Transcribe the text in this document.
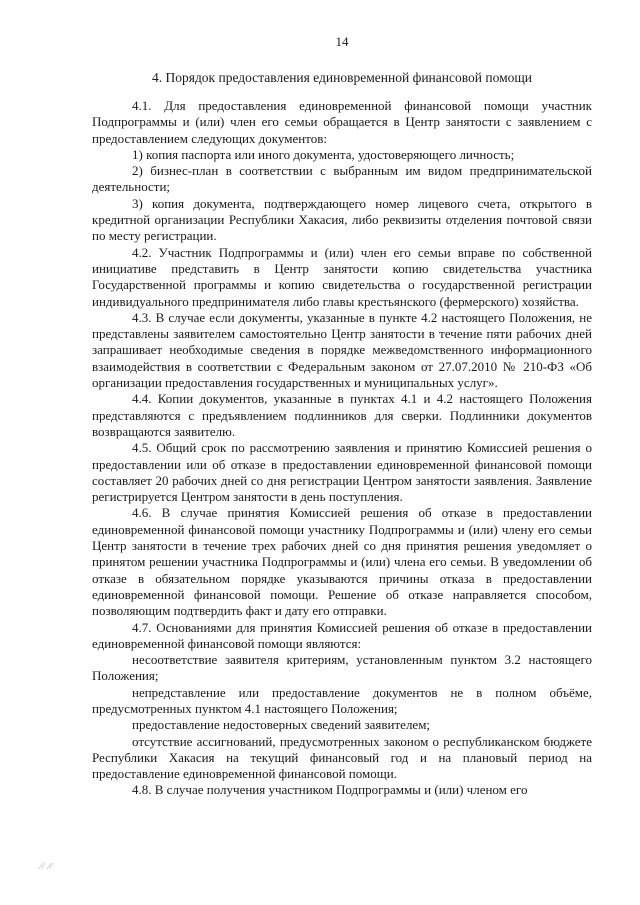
14
4. Порядок предоставления единовременной финансовой помощи

4.1. Для предоставления единовременной финансовой помощи участник Подпрограммы и (или) член его семьи обращается в Центр занятости с заявлением с предоставлением следующих документов:

1) копия паспорта или иного документа, удостоверяющего личность;

2) бизнес-план в соответствии с выбранным им видом предпринимательской деятельности;

3) копия документа, подтверждающего номер лицевого счета, открытого в кредитной организации Республики Хакасия, либо реквизиты отделения почтовой связи по месту регистрации.

4.2. Участник Подпрограммы и (или) член его семьи вправе по собственной инициативе представить в Центр занятости копию свидетельства участника Государственной программы и копию свидетельства о государственной регистрации индивидуального предпринимателя либо главы крестьянского (фермерского) хозяйства.

4.3. В случае если документы, указанные в пункте 4.2 настоящего Положения, не представлены заявителем самостоятельно Центр занятости в течение пяти рабочих дней запрашивает необходимые сведения в порядке межведомственного информационного взаимодействия в соответствии с Федеральным законом от 27.07.2010 № 210-ФЗ «Об организации предоставления государственных и муниципальных услуг».

4.4. Копии документов, указанные в пунктах 4.1 и 4.2 настоящего Положения представляются с предъявлением подлинников для сверки. Подлинники документов возвращаются заявителю.

4.5. Общий срок по рассмотрению заявления и принятию Комиссией решения о предоставлении или об отказе в предоставлении единовременной финансовой помощи составляет 20 рабочих дней со дня регистрации Центром занятости заявления. Заявление регистрируется Центром занятости в день поступления.

4.6. В случае принятия Комиссией решения об отказе в предоставлении единовременной финансовой помощи участнику Подпрограммы и (или) члену его семьи Центр занятости в течение трех рабочих дней со дня принятия решения уведомляет о принятом решении участника Подпрограммы и (или) члена его семьи. В уведомлении об отказе в обязательном порядке указываются причины отказа в предоставлении единовременной финансовой помощи. Решение об отказе направляется способом, позволяющим подтвердить факт и дату его отправки.

4.7. Основаниями для принятия Комиссией решения об отказе в предоставлении единовременной финансовой помощи являются:

несоответствие заявителя критериям, установленным пунктом 3.2 настоящего Положения;

непредставление или предоставление документов не в полном объёме, предусмотренных пунктом 4.1 настоящего Положения;

предоставление недостоверных сведений заявителем;

отсутствие ассигнований, предусмотренных законом о республиканском бюджете Республики Хакасия на текущий финансовый год и на плановый период на предоставление единовременной финансовой помощи.

4.8. В случае получения участником Подпрограммы и (или) членом его

⁄⁄ ⁄⁄
